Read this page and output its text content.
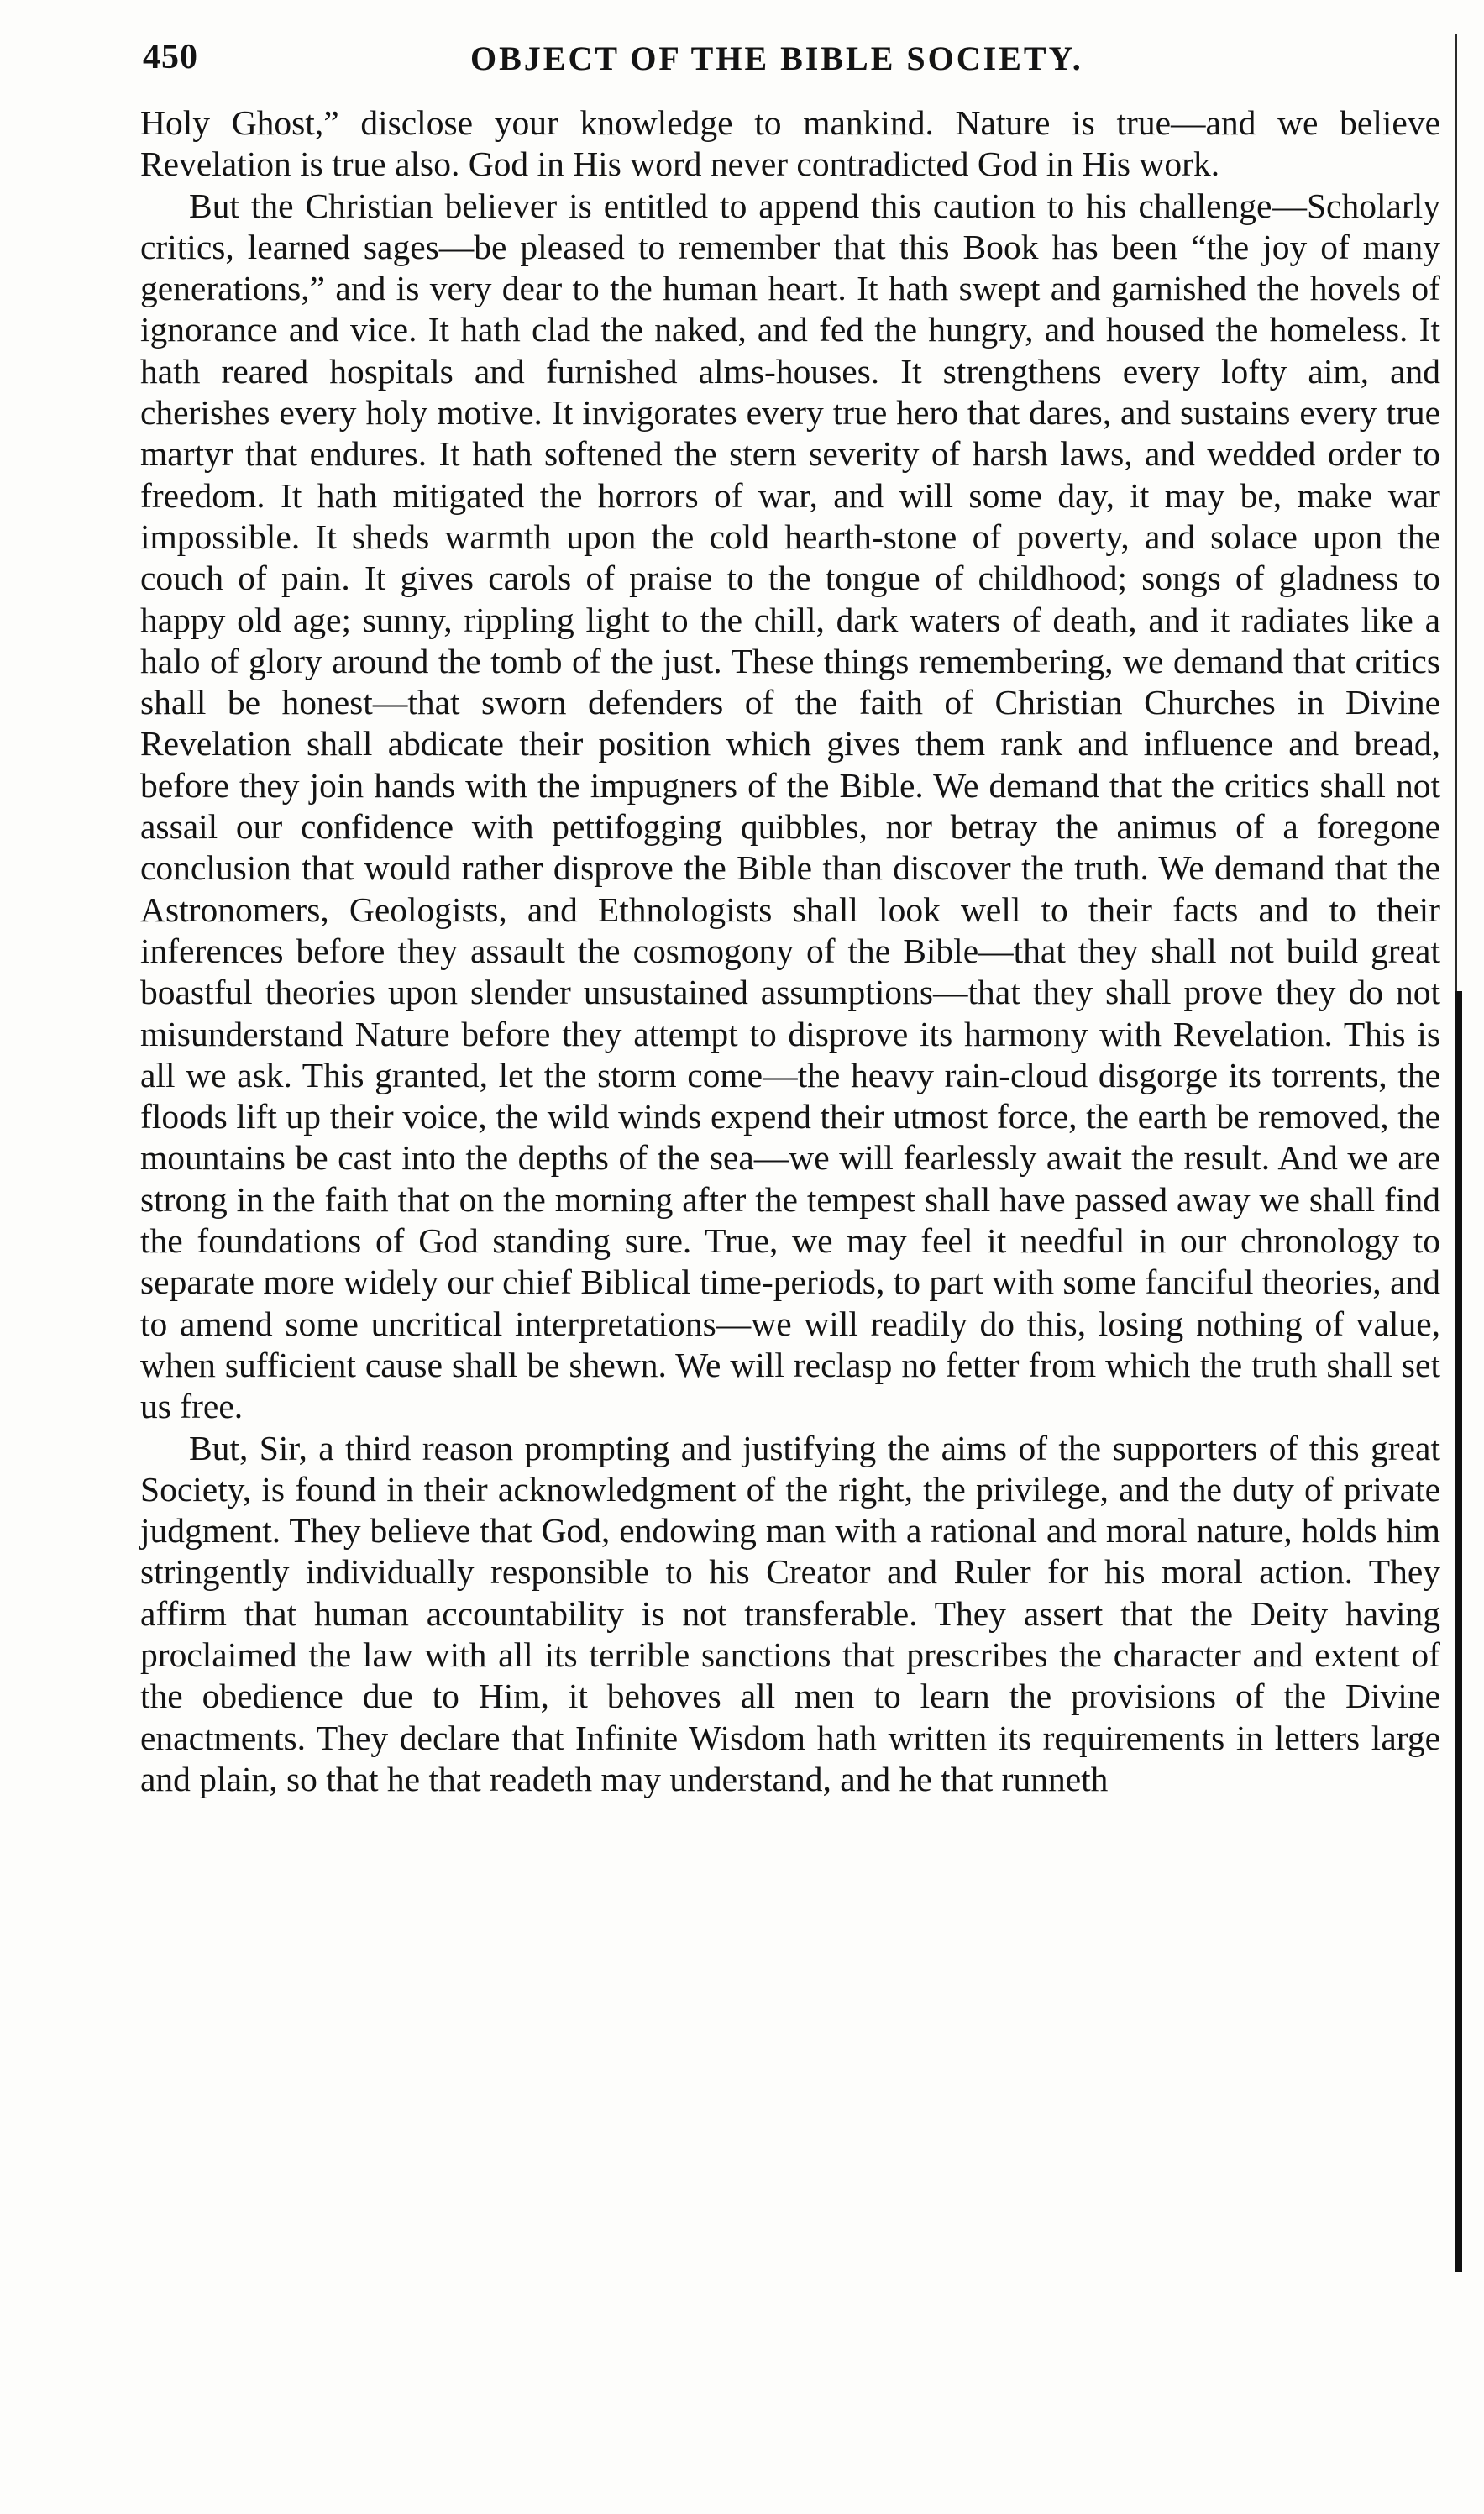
450	OBJECT OF THE BIBLE SOCIETY.

Holy Ghost,” disclose your knowledge to mankind. Nature is true—and we believe Revelation is true also. God in His word never contradicted God in His work.

But the Christian believer is entitled to append this caution to his challenge—Scholarly critics, learned sages—be pleased to remember that this Book has been “the joy of many generations,” and is very dear to the human heart. It hath swept and garnished the hovels of ignorance and vice. It hath clad the naked, and fed the hungry, and housed the homeless. It hath reared hospitals and furnished alms-houses. It strengthens every lofty aim, and cherishes every holy motive. It invigorates every true hero that dares, and sustains every true martyr that endures. It hath softened the stern severity of harsh laws, and wedded order to freedom. It hath mitigated the horrors of war, and will some day, it may be, make war impossible. It sheds warmth upon the cold hearth-stone of poverty, and solace upon the couch of pain. It gives carols of praise to the tongue of childhood; songs of gladness to happy old age; sunny, rippling light to the chill, dark waters of death, and it radiates like a halo of glory around the tomb of the just. These things remembering, we demand that critics shall be honest—that sworn defenders of the faith of Christian Churches in Divine Revelation shall abdicate their position which gives them rank and influence and bread, before they join hands with the impugners of the Bible. We demand that the critics shall not assail our confidence with pettifogging quibbles, nor betray the animus of a foregone conclusion that would rather disprove the Bible than discover the truth. We demand that the Astronomers, Geologists, and Ethnologists shall look well to their facts and to their inferences before they assault the cosmogony of the Bible—that they shall not build great boastful theories upon slender unsustained assumptions—that they shall prove they do not misunderstand Nature before they attempt to disprove its harmony with Revelation. This is all we ask. This granted, let the storm come—the heavy rain-cloud disgorge its torrents, the floods lift up their voice, the wild winds expend their utmost force, the earth be removed, the mountains be cast into the depths of the sea—we will fearlessly await the result. And we are strong in the faith that on the morning after the tempest shall have passed away we shall find the foundations of God standing sure. True, we may feel it needful in our chronology to separate more widely our chief Biblical time-periods, to part with some fanciful theories, and to amend some uncritical interpretations—we will readily do this, losing nothing of value, when sufficient cause shall be shewn. We will reclasp no fetter from which the truth shall set us free.

But, Sir, a third reason prompting and justifying the aims of the supporters of this great Society, is found in their acknowledgment of the right, the privilege, and the duty of private judgment. They believe that God, endowing man with a rational and moral nature, holds him stringently individually responsible to his Creator and Ruler for his moral action. They affirm that human accountability is not transferable. They assert that the Deity having proclaimed the law with all its terrible sanctions that prescribes the character and extent of the obedience due to Him, it behoves all men to learn the provisions of the Divine enactments. They declare that Infinite Wisdom hath written its requirements in letters large and plain, so that he that readeth may understand, and he that runneth
